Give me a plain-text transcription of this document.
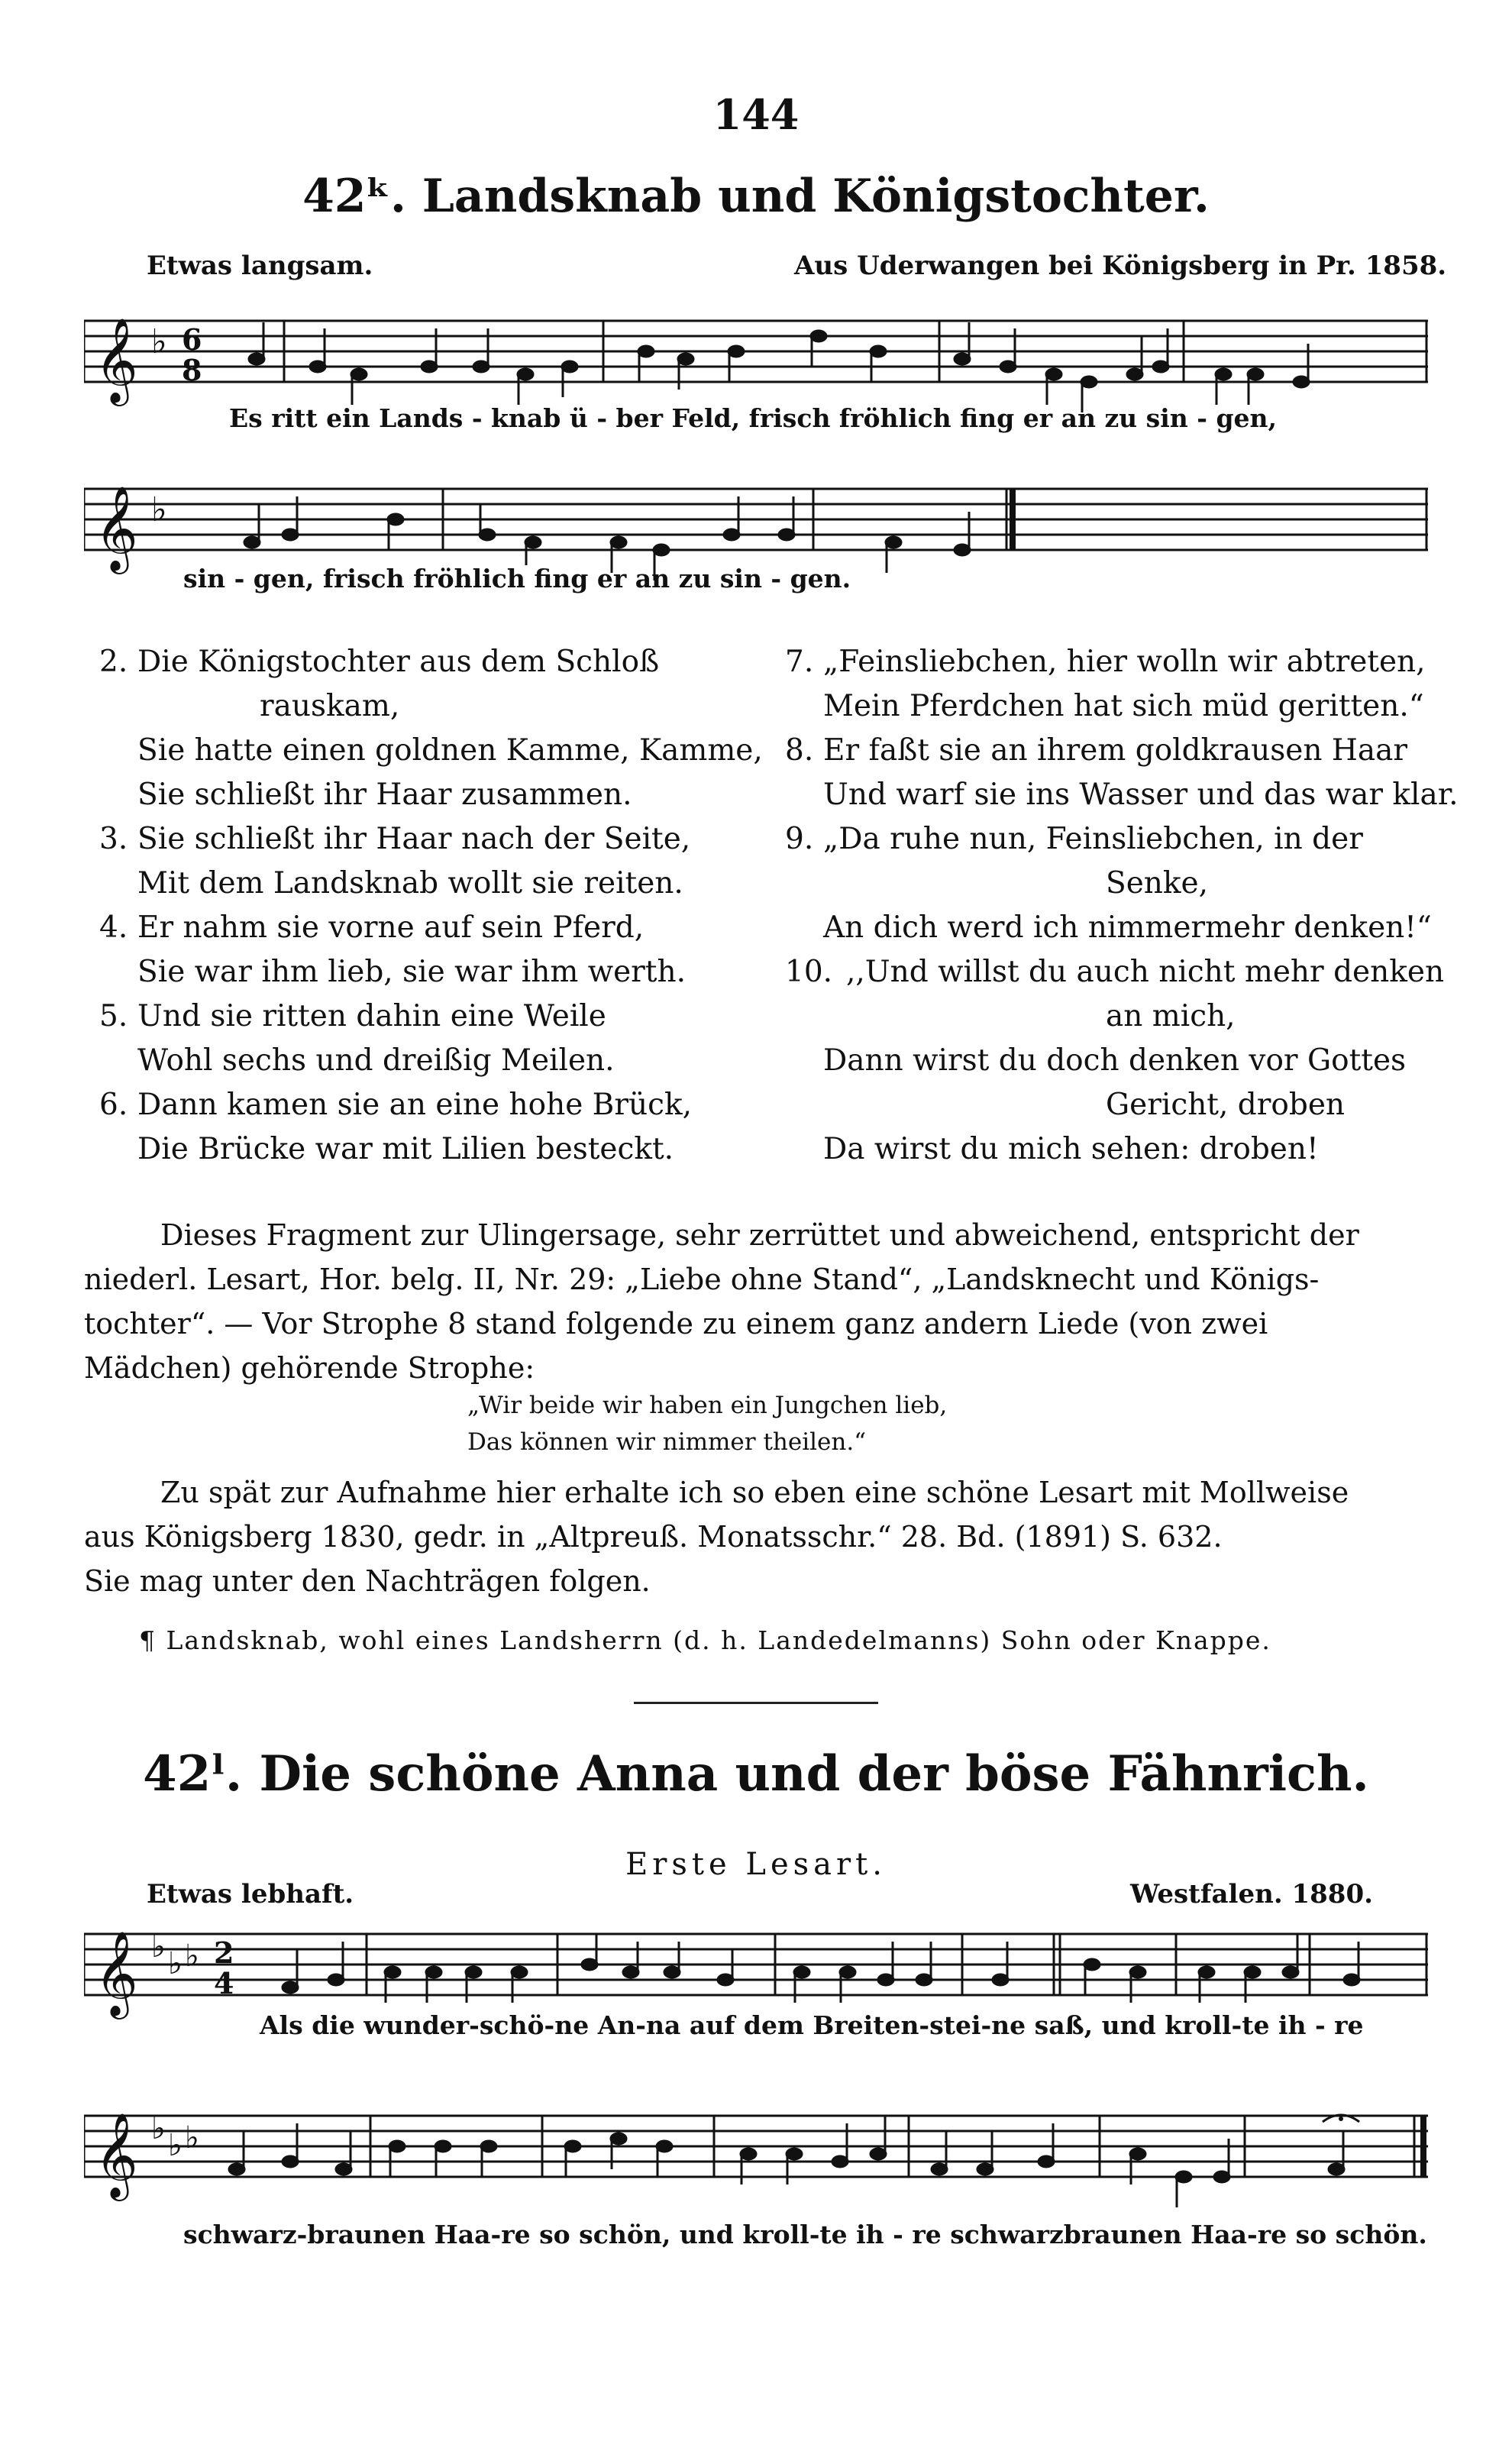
144
42ᵏ. Landsknab und Königstochter.
Etwas langsam.	Aus Uderwangen bei Königsberg in Pr. 1858.
𝄞 ♭ 6
8
Es ritt ein Lands - knab ü - ber Feld, frisch fröhlich fing er an zu sin - gen,
𝄞 ♭
sin - gen, frisch fröhlich fing er an zu sin - gen.
2. Die Königstochter aus dem Schloß
rauskam,
Sie hatte einen goldnen Kamme, Kamme,
Sie schließt ihr Haar zusammen.
3. Sie schließt ihr Haar nach der Seite,
Mit dem Landsknab wollt sie reiten.
4. Er nahm sie vorne auf sein Pferd,
Sie war ihm lieb, sie war ihm werth.
5. Und sie ritten dahin eine Weile
Wohl sechs und dreißig Meilen.
6. Dann kamen sie an eine hohe Brück,
Die Brücke war mit Lilien besteckt.
7. „Feinsliebchen, hier wolln wir abtreten,
Mein Pferdchen hat sich müd geritten.“
8. Er faßt sie an ihrem goldkrausen Haar
Und warf sie ins Wasser und das war klar.
9. „Da ruhe nun, Feinsliebchen, in der
Senke,
An dich werd ich nimmermehr denken!“
10. ,,Und willst du auch nicht mehr denken
an mich,
Dann wirst du doch denken vor Gottes
Gericht, droben
Da wirst du mich sehen: droben!
Dieses Fragment zur Ulingersage, sehr zerrüttet und abweichend, entspricht der
niederl. Lesart, Hor. belg. II, Nr. 29: „Liebe ohne Stand“, „Landsknecht und Königs-
tochter“. — Vor Strophe 8 stand folgende zu einem ganz andern Liede (von zwei
Mädchen) gehörende Strophe:
„Wir beide wir haben ein Jungchen lieb,
Das können wir nimmer theilen.“
Zu spät zur Aufnahme hier erhalte ich so eben eine schöne Lesart mit Mollweise
aus Königsberg 1830, gedr. in „Altpreuß. Monatsschr.“ 28. Bd. (1891) S. 632.
Sie mag unter den Nachträgen folgen.
¶ Landsknab, wohl eines Landsherrn (d. h. Landedelmanns) Sohn oder Knappe.
42ˡ. Die schöne Anna und der böse Fähnrich.
Erste Lesart.
Etwas lebhaft.	Westfalen. 1880.
𝄞 ♭ ♭ ♭ 2
4
Als die wunder-schö-ne An-na auf dem Breiten-stei-ne saß, und kroll-te ih - re
𝄞 ♭ ♭ ♭
schwarz-braunen Haa-re so schön, und kroll-te ih - re schwarzbraunen Haa-re so schön.
